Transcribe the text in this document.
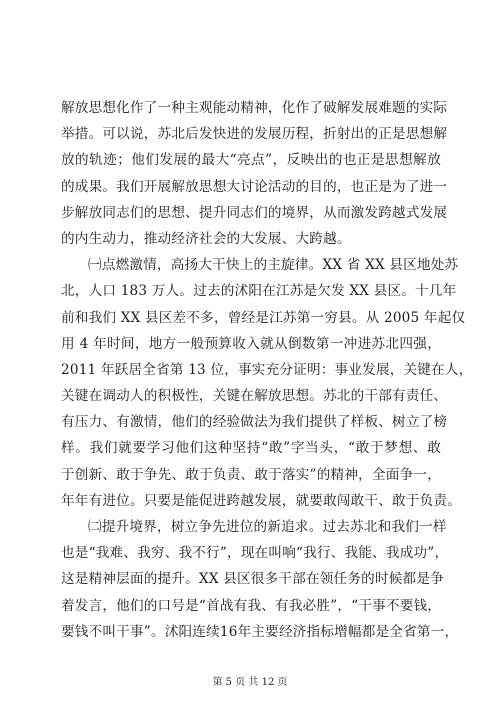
解放思想化作了一种主观能动精神，化作了破解发展难题的实际
举措。可以说，苏北后发快进的发展历程，折射出的正是思想解
放的轨迹；他们发展的最大“亮点”，反映出的也正是思想解放
的成果。我们开展解放思想大讨论活动的目的，也正是为了进一
步解放同志们的思想、提升同志们的境界，从而激发跨越式发展
的内生动力，推动经济社会的大发展、大跨越。
㈠点燃激情，高扬大干快上的主旋律。XX 省 XX 县区地处苏
北，人口 183 万人。过去的沭阳在江苏是欠发 XX 县区。十几年
前和我们 XX 县区差不多，曾经是江苏第一穷县。从 2005 年起仅
用 4 年时间，地方一般预算收入就从倒数第一冲进苏北四强，
2011 年跃居全省第 13 位，事实充分证明：事业发展，关键在人，
关键在调动人的积极性，关键在解放思想。苏北的干部有责任、
有压力、有激情，他们的经验做法为我们提供了样板、树立了榜
样。我们就要学习他们这种坚持“敢”字当头，“敢于梦想、敢
于创新、敢于争先、敢于负责、敢于落实”的精神，全面争一，
年年有进位。只要是能促进跨越发展，就要敢闯敢干、敢于负责。
㈡提升境界，树立争先进位的新追求。过去苏北和我们一样
也是“我难、我穷、我不行”，现在叫响“我行、我能、我成功”，
这是精神层面的提升。XX 县区很多干部在领任务的时候都是争
着发言，他们的口号是“首战有我、有我必胜”，“干事不要钱，
要钱不叫干事”。沭阳连续16年主要经济指标增幅都是全省第一，
第 5 页 共 12 页
